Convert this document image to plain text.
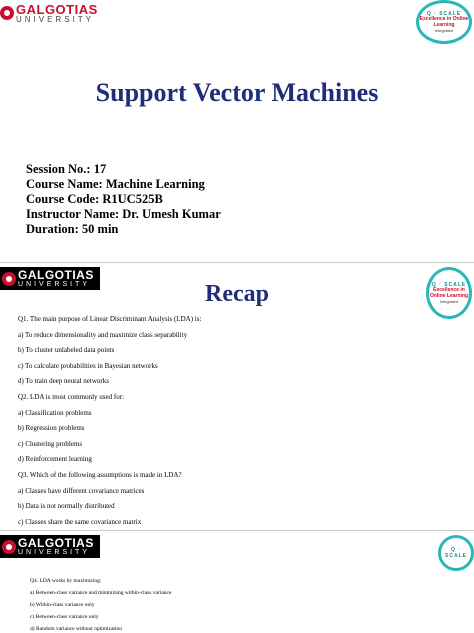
GALGOTIAS
UNIVERSITY
Q · SCALE
Excellence in Online Learning
Integrated
Support Vector Machines
Session No.: 17
Course Name: Machine Learning
Course Code: R1UC525B
Instructor Name: Dr. Umesh Kumar
Duration: 50 min
GALGOTIAS
UNIVERSITY	Q · SCALE
Excellence in Online Learning
Integrated
Recap
Q1. The main purpose of Linear Discriminant Analysis (LDA) is:
a) To reduce dimensionality and maximize class separability
b) To cluster unlabeled data points
c) To calculate probabilities in Bayesian networks
d) To train deep neural networks
Q2. LDA is most commonly used for:
a) Classification problems
b) Regression problems
c) Clustering problems
d) Reinforcement learning
Q3. Which of the following assumptions is made in LDA?
a) Classes have different covariance matrices
b) Data is not normally distributed
c) Classes share the same covariance matrix
GALGOTIAS
UNIVERSITY	Q · SCALE
Q4. LDA works by maximizing:
a) Between-class variance and minimizing within-class variance
b) Within-class variance only
c) Between-class variance only
d) Random variance without optimization
